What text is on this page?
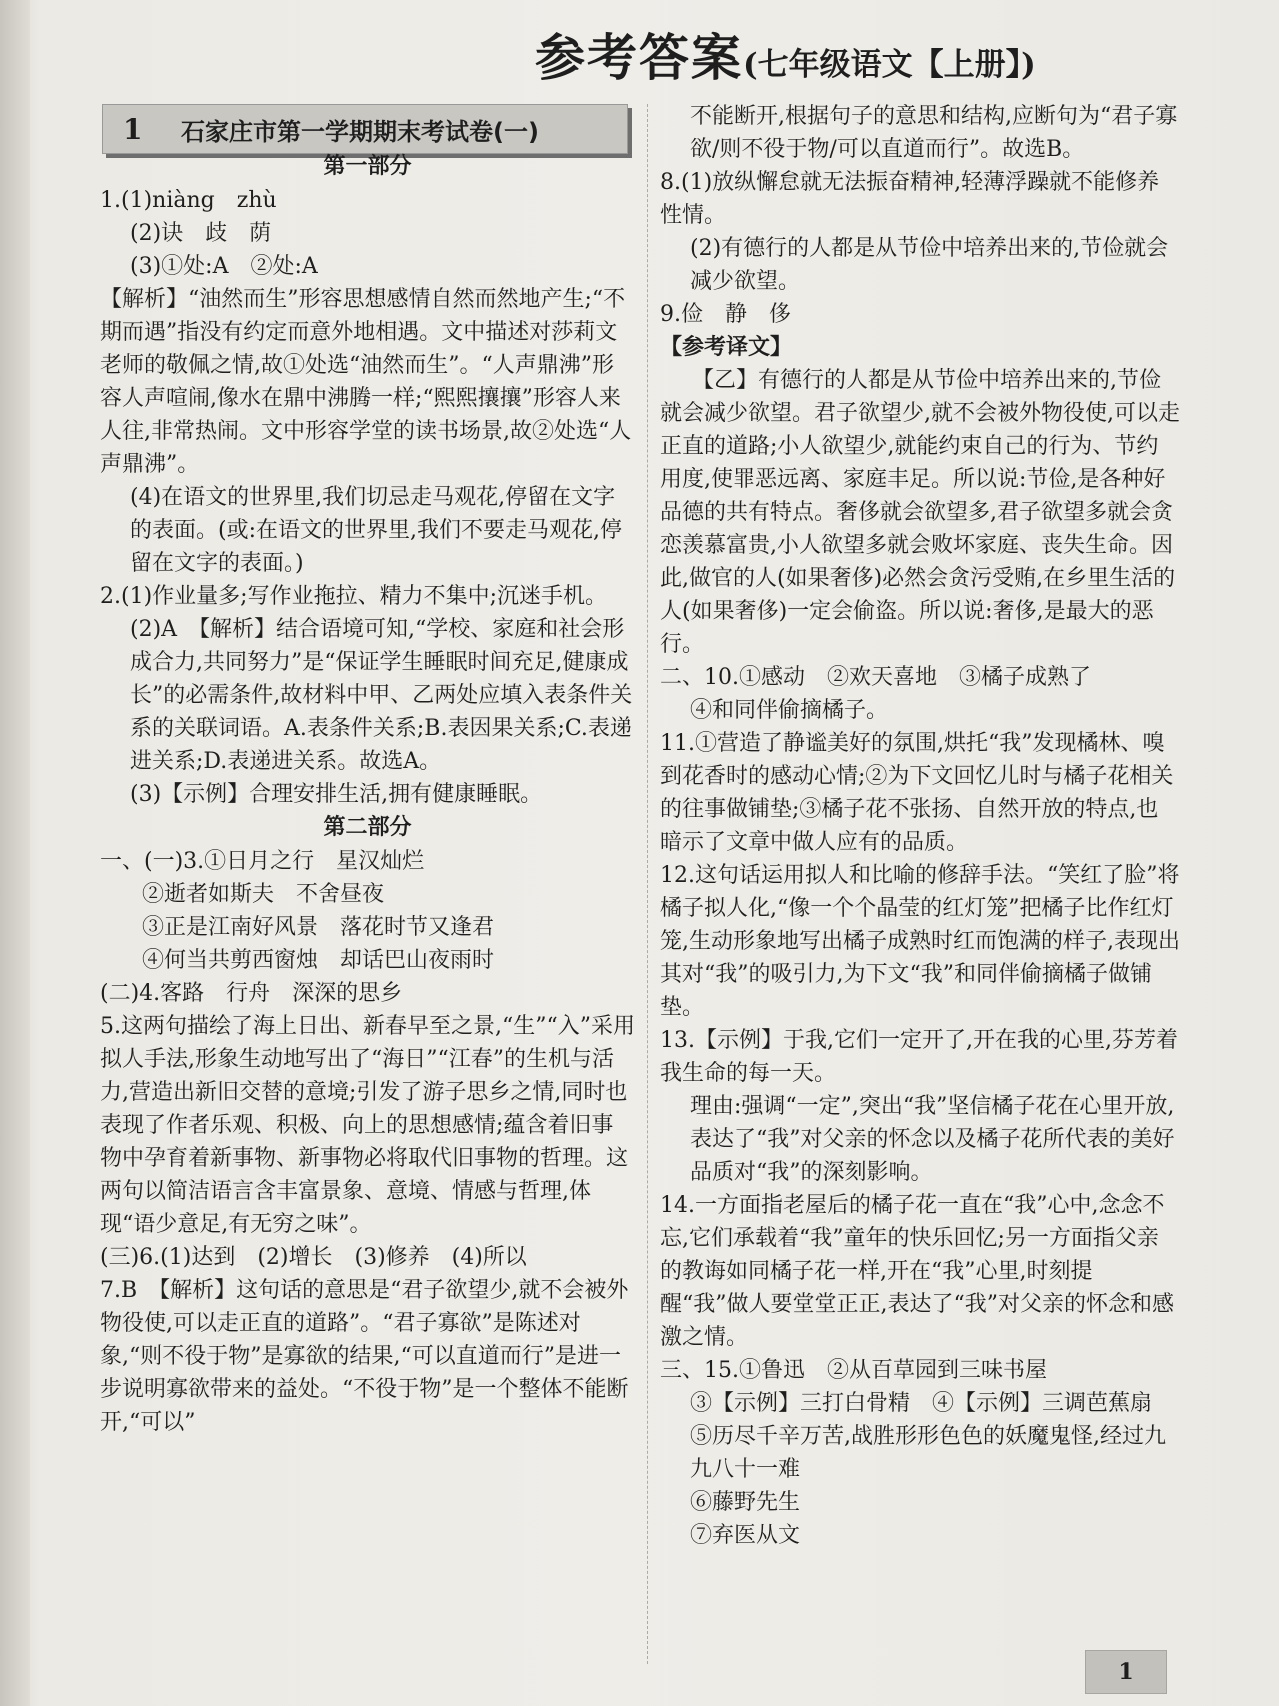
参考答案(七年级语文【上册】)
1	石家庄市第一学期期末考试卷(一)

第一部分

1.(1)niàng　zhù

(2)诀　歧　荫

(3)①处:A　②处:A

【解析】“油然而生”形容思想感情自然而然地产生;“不期而遇”指没有约定而意外地相遇。文中描述对莎莉文老师的敬佩之情,故①处选“油然而生”。“人声鼎沸”形容人声喧闹,像水在鼎中沸腾一样;“熙熙攘攘”形容人来人往,非常热闹。文中形容学堂的读书场景,故②处选“人声鼎沸”。

(4)在语文的世界里,我们切忌走马观花,停留在文字的表面。(或:在语文的世界里,我们不要走马观花,停留在文字的表面。)

2.(1)作业量多;写作业拖拉、精力不集中;沉迷手机。

(2)A　【解析】结合语境可知,“学校、家庭和社会形成合力,共同努力”是“保证学生睡眠时间充足,健康成长”的必需条件,故材料中甲、乙两处应填入表条件关系的关联词语。A.表条件关系;B.表因果关系;C.表递进关系;D.表递进关系。故选A。

(3)【示例】合理安排生活,拥有健康睡眠。

第二部分

一、(一)3.①日月之行　星汉灿烂

②逝者如斯夫　不舍昼夜

③正是江南好风景　落花时节又逢君

④何当共剪西窗烛　却话巴山夜雨时

(二)4.客路　行舟　深深的思乡

5.这两句描绘了海上日出、新春早至之景,“生”“入”采用拟人手法,形象生动地写出了“海日”“江春”的生机与活力,营造出新旧交替的意境;引发了游子思乡之情,同时也表现了作者乐观、积极、向上的思想感情;蕴含着旧事物中孕育着新事物、新事物必将取代旧事物的哲理。这两句以简洁语言含丰富景象、意境、情感与哲理,体现“语少意足,有无穷之味”。

(三)6.(1)达到　(2)增长　(3)修养　(4)所以

7.B　【解析】这句话的意思是“君子欲望少,就不会被外物役使,可以走正直的道路”。“君子寡欲”是陈述对象,“则不役于物”是寡欲的结果,“可以直道而行”是进一步说明寡欲带来的益处。“不役于物”是一个整体不能断开,“可以”

不能断开,根据句子的意思和结构,应断句为“君子寡欲/则不役于物/可以直道而行”。故选B。

8.(1)放纵懈怠就无法振奋精神,轻薄浮躁就不能修养性情。

(2)有德行的人都是从节俭中培养出来的,节俭就会减少欲望。

9.俭　静　侈

【参考译文】

【乙】有德行的人都是从节俭中培养出来的,节俭就会减少欲望。君子欲望少,就不会被外物役使,可以走正直的道路;小人欲望少,就能约束自己的行为、节约用度,使罪恶远离、家庭丰足。所以说:节俭,是各种好品德的共有特点。奢侈就会欲望多,君子欲望多就会贪恋羡慕富贵,小人欲望多就会败坏家庭、丧失生命。因此,做官的人(如果奢侈)必然会贪污受贿,在乡里生活的人(如果奢侈)一定会偷盗。所以说:奢侈,是最大的恶行。

二、10.①感动　②欢天喜地　③橘子成熟了

④和同伴偷摘橘子。

11.①营造了静谧美好的氛围,烘托“我”发现橘林、嗅到花香时的感动心情;②为下文回忆儿时与橘子花相关的往事做铺垫;③橘子花不张扬、自然开放的特点,也暗示了文章中做人应有的品质。

12.这句话运用拟人和比喻的修辞手法。“笑红了脸”将橘子拟人化,“像一个个晶莹的红灯笼”把橘子比作红灯笼,生动形象地写出橘子成熟时红而饱满的样子,表现出其对“我”的吸引力,为下文“我”和同伴偷摘橘子做铺垫。

13.【示例】于我,它们一定开了,开在我的心里,芬芳着我生命的每一天。

理由:强调“一定”,突出“我”坚信橘子花在心里开放,表达了“我”对父亲的怀念以及橘子花所代表的美好品质对“我”的深刻影响。

14.一方面指老屋后的橘子花一直在“我”心中,念念不忘,它们承载着“我”童年的快乐回忆;另一方面指父亲的教诲如同橘子花一样,开在“我”心里,时刻提醒“我”做人要堂堂正正,表达了“我”对父亲的怀念和感激之情。

三、15.①鲁迅　②从百草园到三味书屋

③【示例】三打白骨精　④【示例】三调芭蕉扇

⑤历尽千辛万苦,战胜形形色色的妖魔鬼怪,经过九九八十一难

⑥藤野先生

⑦弃医从文

1
